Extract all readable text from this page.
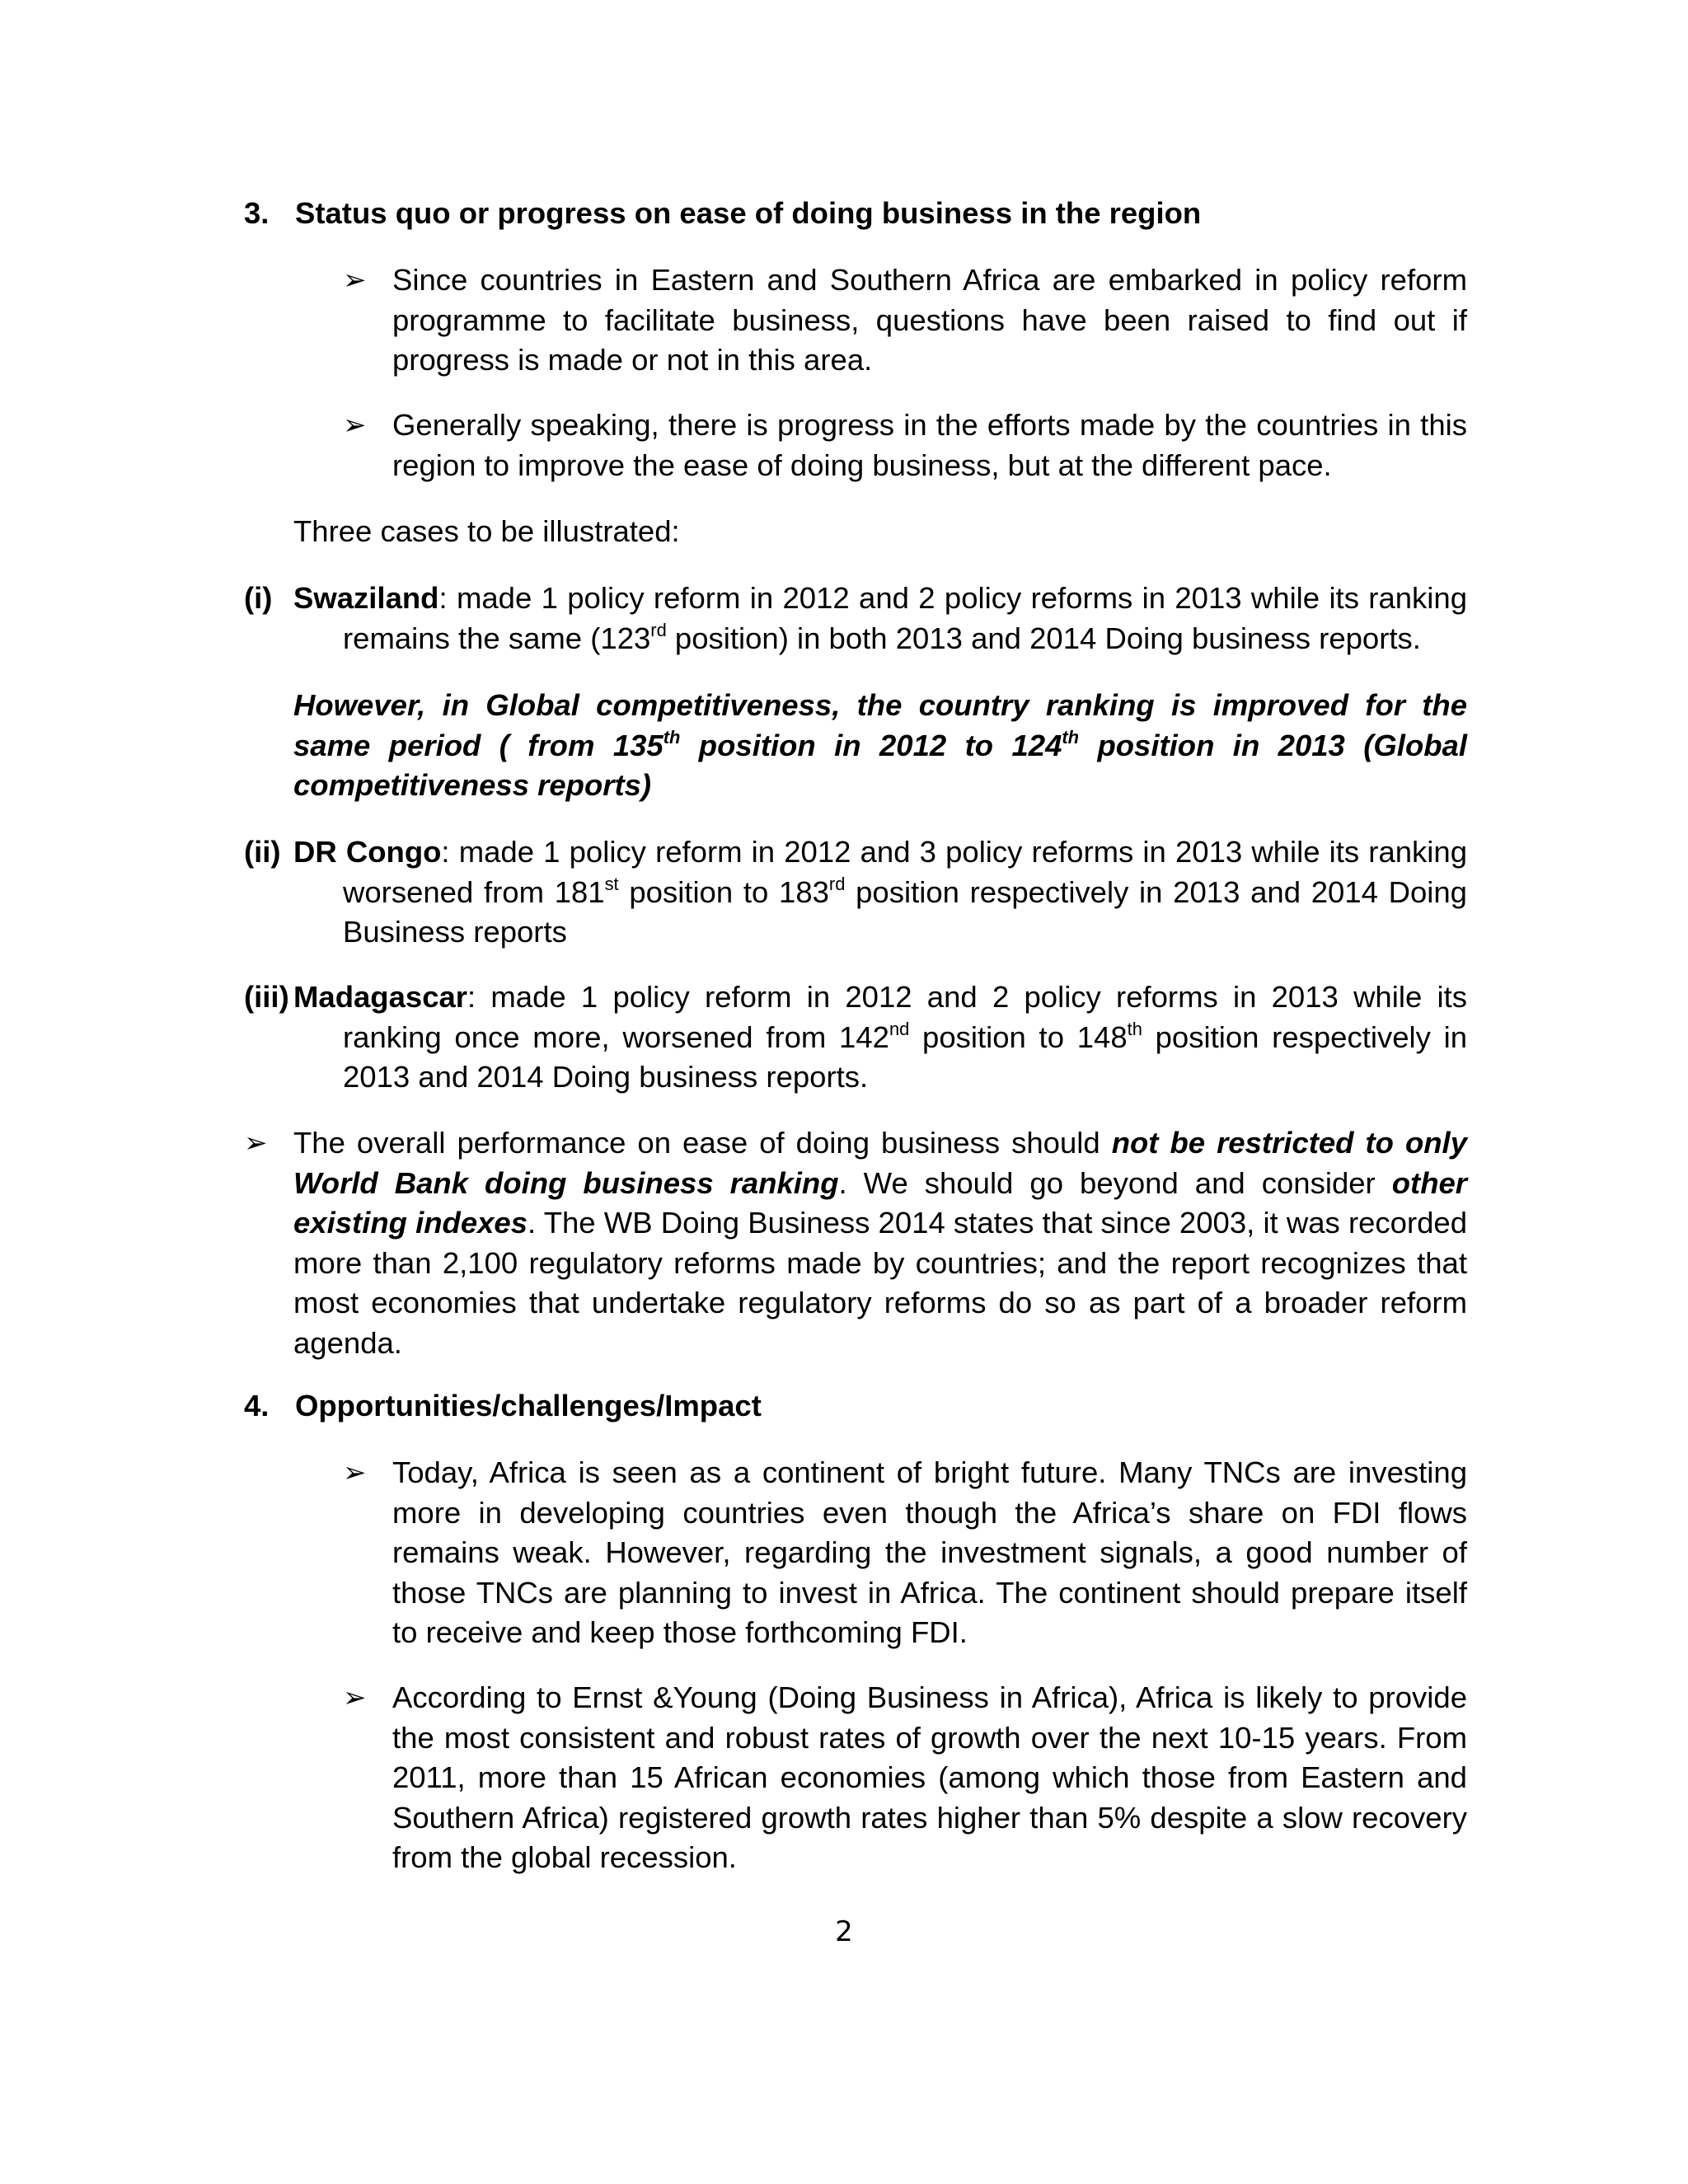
3. Status quo or progress on ease of doing business in the region
➢ Since countries in Eastern and Southern Africa are embarked in policy reform programme to facilitate business, questions have been raised to find out if progress is made or not in this area.
➢ Generally speaking, there is progress in the efforts made by the countries in this region to improve the ease of doing business, but at the different pace.
Three cases to be illustrated:
(i) Swaziland: made 1 policy reform in 2012 and 2 policy reforms in 2013 while its ranking remains the same (123rd position) in both 2013 and 2014 Doing business reports.
However, in Global competitiveness, the country ranking is improved for the same period ( from 135th position in 2012 to 124th position in 2013 (Global competitiveness reports)
(ii) DR Congo: made 1 policy reform in 2012 and 3 policy reforms in 2013 while its ranking worsened from 181st position to 183rd position respectively in 2013 and 2014 Doing Business reports
(iii) Madagascar: made 1 policy reform in 2012 and 2 policy reforms in 2013 while its ranking once more, worsened from 142nd position to 148th position respectively in 2013 and 2014 Doing business reports.
➢ The overall performance on ease of doing business should not be restricted to only World Bank doing business ranking. We should go beyond and consider other existing indexes. The WB Doing Business 2014 states that since 2003, it was recorded more than 2,100 regulatory reforms made by countries; and the report recognizes that most economies that undertake regulatory reforms do so as part of a broader reform agenda.
4. Opportunities/challenges/Impact
➢ Today, Africa is seen as a continent of bright future. Many TNCs are investing more in developing countries even though the Africa’s share on FDI flows remains weak. However, regarding the investment signals, a good number of those TNCs are planning to invest in Africa. The continent should prepare itself to receive and keep those forthcoming FDI.
➢ According to Ernst &Young (Doing Business in Africa), Africa is likely to provide the most consistent and robust rates of growth over the next 10-15 years. From 2011, more than 15 African economies (among which those from Eastern and Southern Africa) registered growth rates higher than 5% despite a slow recovery from the global recession.
2
